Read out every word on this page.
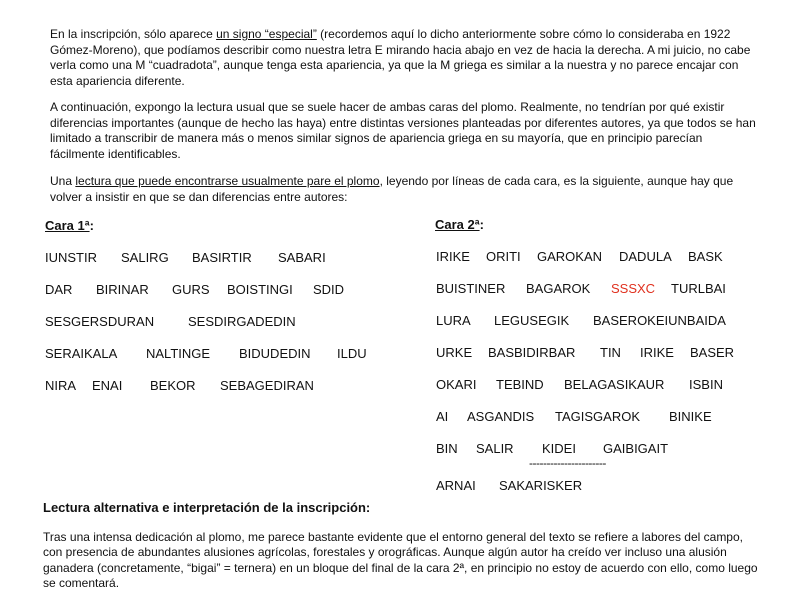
En la inscripción, sólo aparece un signo “especial” (recordemos aquí lo dicho anteriormente sobre cómo lo consideraba en 1922 Gómez-Moreno), que podíamos describir como nuestra letra E mirando hacia abajo en vez de hacia la derecha. A mi juicio, no cabe verla como una M “cuadradota”, aunque tenga esta apariencia, ya que la M griega es similar a la nuestra y no parece encajar con esta apariencia diferente.

A continuación, expongo la lectura usual que se suele hacer de ambas caras del plomo. Realmente, no tendrían por qué existir diferencias importantes (aunque de hecho las haya) entre distintas versiones planteadas por diferentes autores, ya que todos se han limitado a transcribir de manera más o menos similar signos de apariencia griega en su mayoría, que en principio parecían fácilmente identificables.

Una lectura que puede encontrarse usualmente pare el plomo, leyendo por líneas de cada cara, es la siguiente, aunque hay que volver a insistir en que se dan diferencias entre autores:

Cara 1ª:	Cara 2ª:

IUNSTIR SALIRG BASIRTIR SABARI
DAR BIRINAR GURS BOISTINGI SDID
SESGERSDURAN	SESDIRGADEDIN
SERAIKALA NALTINGE BIDUDEDIN ILDU
NIRA ENAI BEKOR SEBAGEDIRAN
IRIKE ORITI GAROKAN DADULA BASK
BUISTINER BAGAROK SSSXC TURLBAI
LURA LEGUSEGIK BASEROKEIUNBAIDA
URKE BASBIDIRBAR TIN IRIKE BASER
OKARI TEBIND BELAGASIKAUR ISBIN
AI ASGANDIS TAGISGAROK BINIKE
BIN SALIR KIDEI GAIBIGAIT
----------------------
ARNAI SAKARISKER

Lectura alternativa e interpretación de la inscripción:

Tras una intensa dedicación al plomo, me parece bastante evidente que el entorno general del texto se refiere a labores del campo, con presencia de abundantes alusiones agrícolas, forestales y orográficas. Aunque algún autor ha creído ver incluso una alusión ganadera (concretamente, “bigai” = ternera) en un bloque del final de la cara 2ª, en principio no estoy de acuerdo con ello, como luego se comentará.
